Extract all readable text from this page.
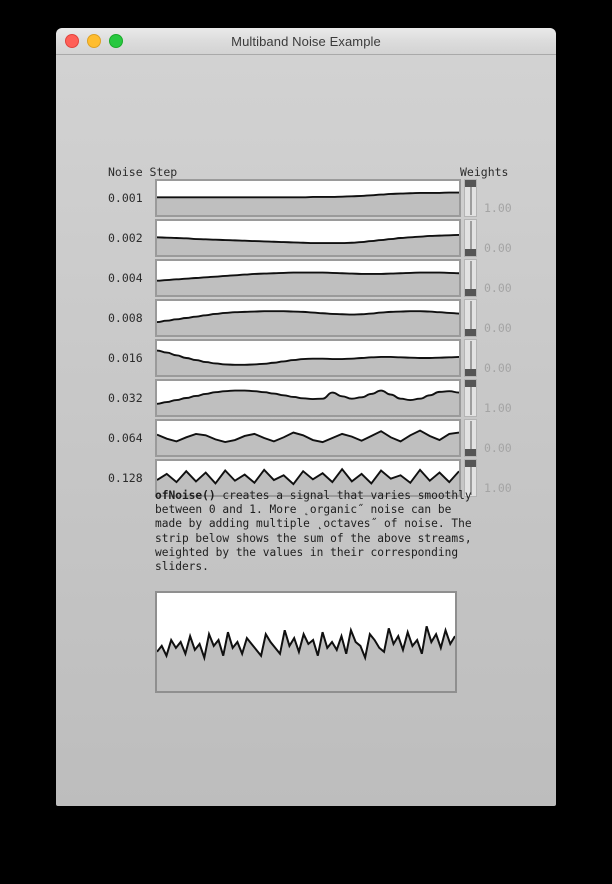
Multiband Noise Example
Noise Step	Weights
0.001
1.00
0.002
0.00
0.004
0.00
0.008
0.00
0.016
0.00
0.032
1.00
0.064
0.00
0.128
1.00
ofNoise() creates a signal that varies smoothly between 0 and 1. More ˛organic˝ noise can be made by adding multiple ˛octaves˝ of noise. The strip below shows the sum of the above streams, weighted by the values in their corresponding sliders.
